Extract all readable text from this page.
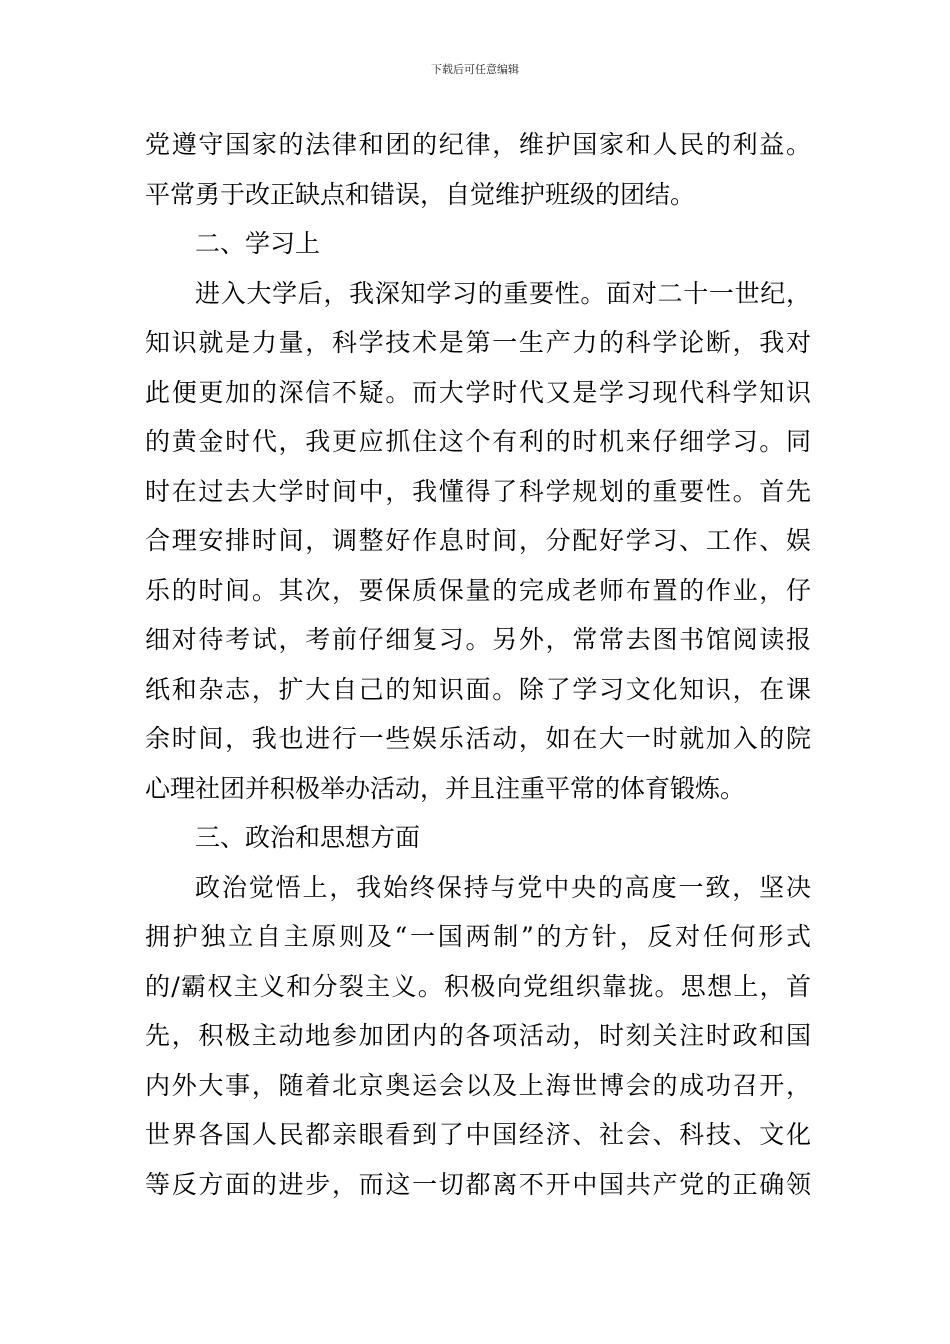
下载后可任意编辑
党遵守国家的法律和团的纪律，维护国家和人民的利益。
平常勇于改正缺点和错误，自觉维护班级的团结。
二、学习上
进入大学后，我深知学习的重要性。面对二十一世纪，
知识就是力量，科学技术是第一生产力的科学论断，我对
此便更加的深信不疑。而大学时代又是学习现代科学知识
的黄金时代，我更应抓住这个有利的时机来仔细学习。同
时在过去大学时间中，我懂得了科学规划的重要性。首先
合理安排时间，调整好作息时间，分配好学习、工作、娱
乐的时间。其次，要保质保量的完成老师布置的作业，仔
细对待考试，考前仔细复习。另外，常常去图书馆阅读报
纸和杂志，扩大自己的知识面。除了学习文化知识，在课
余时间，我也进行一些娱乐活动，如在大一时就加入的院
心理社团并积极举办活动，并且注重平常的体育锻炼。
三、政治和思想方面
政治觉悟上，我始终保持与党中央的高度一致，坚决
拥护独立自主原则及“一国两制”的方针，反对任何形式
的/霸权主义和分裂主义。积极向党组织靠拢。思想上，首
先，积极主动地参加团内的各项活动，时刻关注时政和国
内外大事，随着北京奥运会以及上海世博会的成功召开，
世界各国人民都亲眼看到了中国经济、社会、科技、文化
等反方面的进步，而这一切都离不开中国共产党的正确领
